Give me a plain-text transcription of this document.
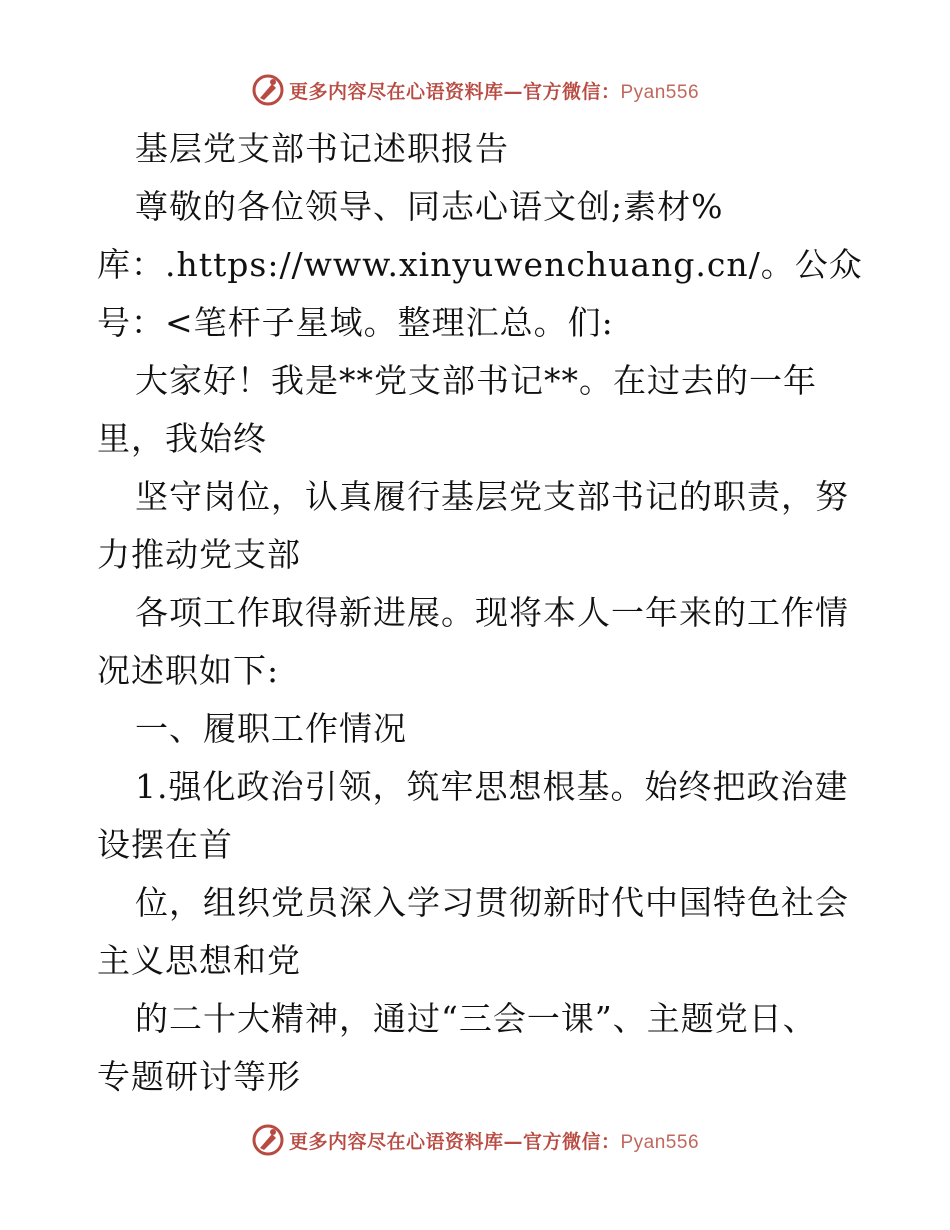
更多内容尽在心语资料库—官方微信：Pyan556
基层党支部书记述职报告
尊敬的各位领导、同志心语文创;素材%
库：.https://www.xinyuwenchuang.cn/。公众
号：<笔杆子星域。整理汇总。们:
大家好！我是**党支部书记**。在过去的一年
里，我始终
坚守岗位，认真履行基层党支部书记的职责，努
力推动党支部
各项工作取得新进展。现将本人一年来的工作情
况述职如下:
一、履职工作情况
1.强化政治引领，筑牢思想根基。始终把政治建
设摆在首
位，组织党员深入学习贯彻新时代中国特色社会
主义思想和党
的二十大精神，通过“三会一课”、主题党日、
专题研讨等形
更多内容尽在心语资料库—官方微信：Pyan556
